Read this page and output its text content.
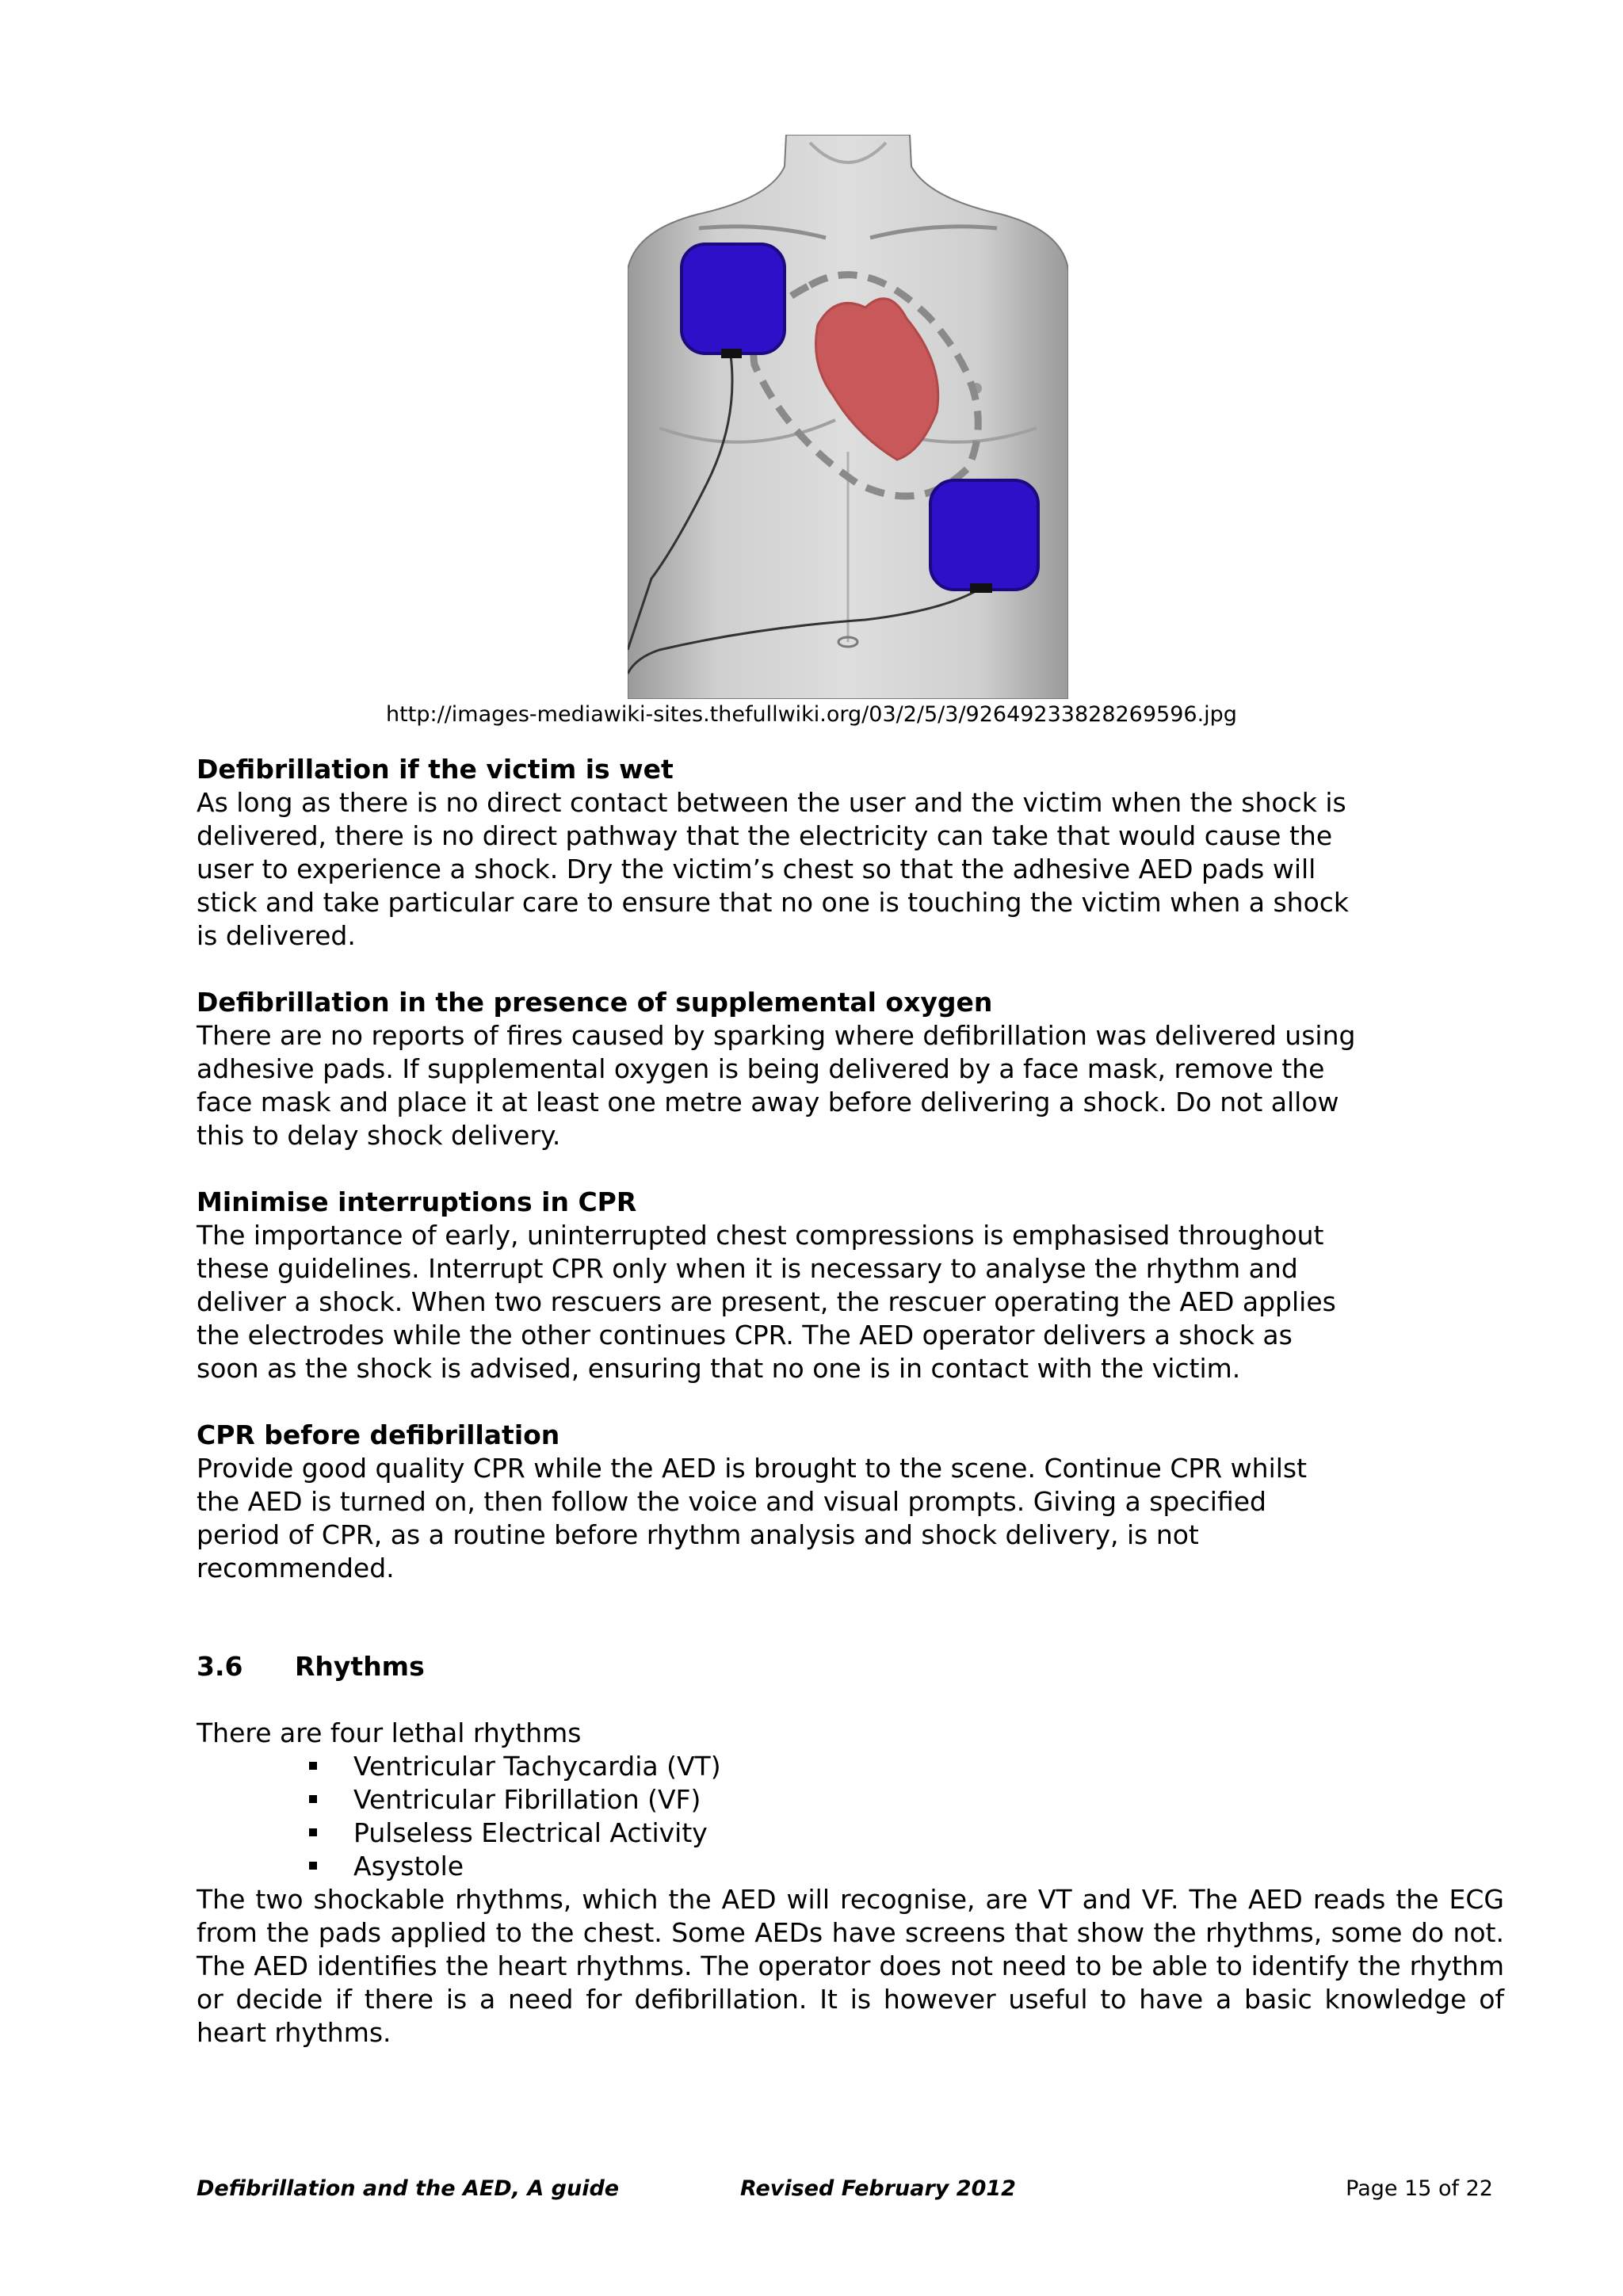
http://images-mediawiki-sites.thefullwiki.org/03/2/5/3/92649233828269596.jpg
Defibrillation if the victim is wet

As long as there is no direct contact between the user and the victim when the shock is
delivered, there is no direct pathway that the electricity can take that would cause the
user to experience a shock. Dry the victim’s chest so that the adhesive AED pads will
stick and take particular care to ensure that no one is touching the victim when a shock
is delivered.

Defibrillation in the presence of supplemental oxygen

There are no reports of fires caused by sparking where defibrillation was delivered using
adhesive pads. If supplemental oxygen is being delivered by a face mask, remove the
face mask and place it at least one metre away before delivering a shock. Do not allow
this to delay shock delivery.

Minimise interruptions in CPR

The importance of early, uninterrupted chest compressions is emphasised throughout
these guidelines. Interrupt CPR only when it is necessary to analyse the rhythm and
deliver a shock. When two rescuers are present, the rescuer operating the AED applies
the electrodes while the other continues CPR. The AED operator delivers a shock as
soon as the shock is advised, ensuring that no one is in contact with the victim.

CPR before defibrillation

Provide good quality CPR while the AED is brought to the scene. Continue CPR whilst
the AED is turned on, then follow the voice and visual prompts. Giving a specified
period of CPR, as a routine before rhythm analysis and shock delivery, is not
recommended.

3.6 Rhythms

There are four lethal rhythms

Ventricular Tachycardia (VT)
Ventricular Fibrillation (VF)
Pulseless Electrical Activity
Asystole

The two shockable rhythms, which the AED will recognise, are VT and VF. The AED reads the ECG from the pads applied to the chest. Some AEDs have screens that show the rhythms, some do not. The AED identifies the heart rhythms. The operator does not need to be able to identify the rhythm or decide if there is a need for defibrillation. It is however useful to have a basic knowledge of heart rhythms.

Defibrillation and the AED, A guide	Revised February 2012	Page 15 of 22
